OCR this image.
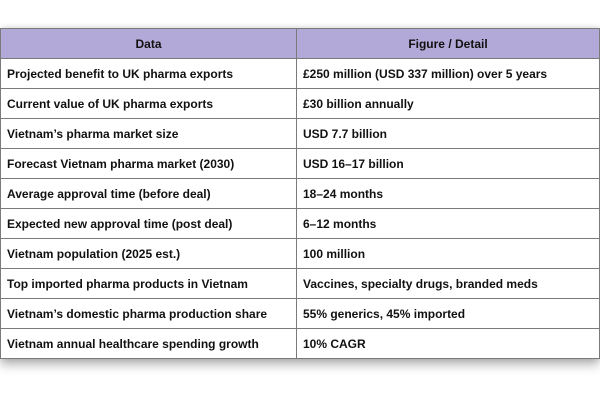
Data	Figure / Detail
Projected benefit to UK pharma exports	£250 million (USD 337 million) over 5 years
Current value of UK pharma exports	£30 billion annually
Vietnam’s pharma market size	USD 7.7 billion
Forecast Vietnam pharma market (2030)	USD 16–17 billion
Average approval time (before deal)	18–24 months
Expected new approval time (post deal)	6–12 months
Vietnam population (2025 est.)	100 million
Top imported pharma products in Vietnam	Vaccines, specialty drugs, branded meds
Vietnam’s domestic pharma production share	55% generics, 45% imported
Vietnam annual healthcare spending growth	10% CAGR
